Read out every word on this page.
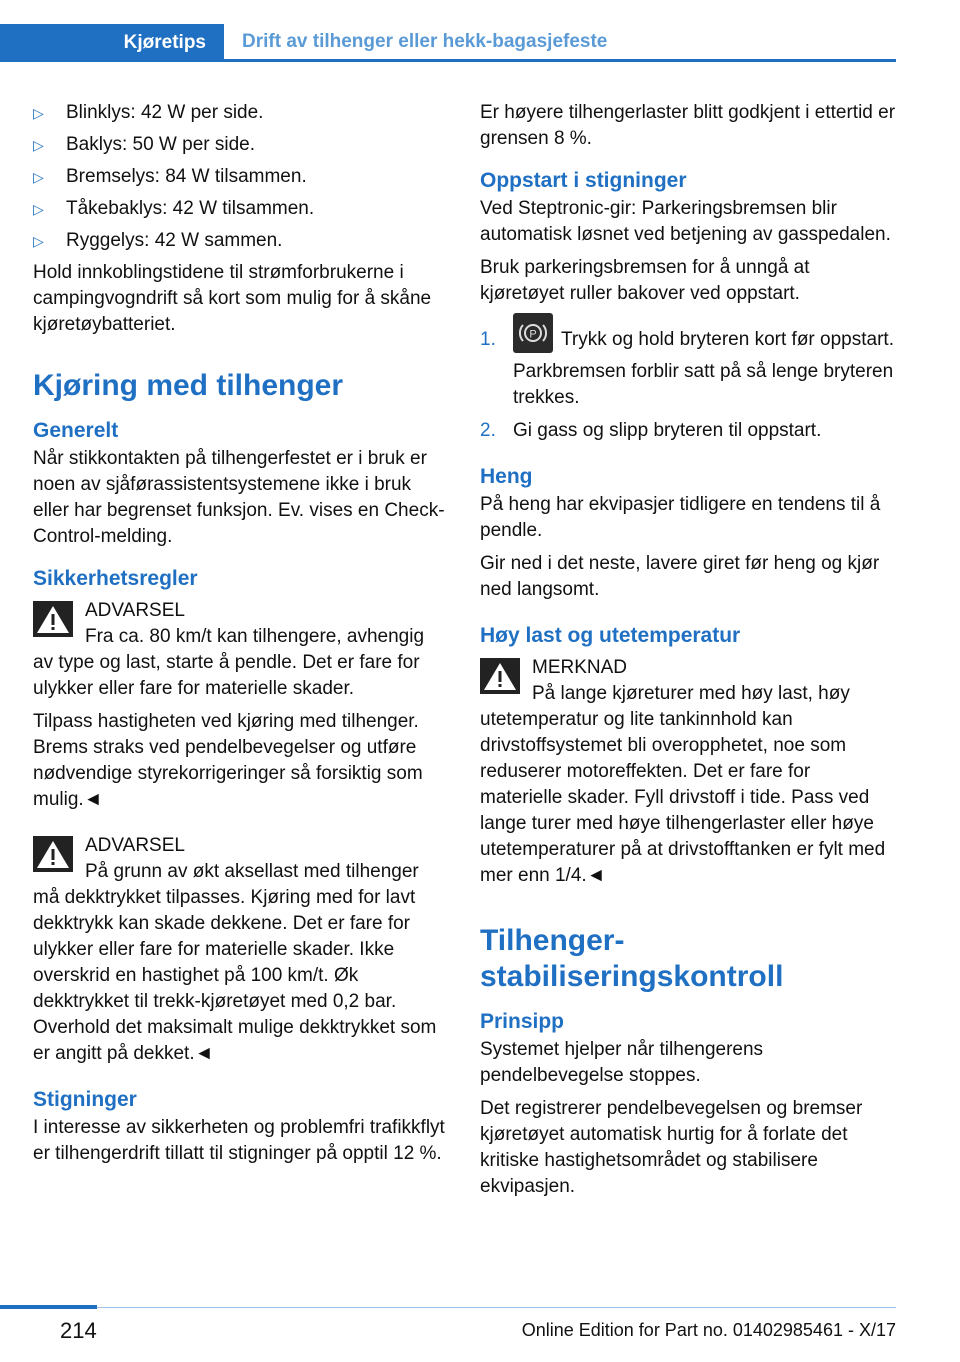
Kjøretips	Drift av tilhenger eller hekk-bagasjefeste
▷ Blinklys: 42 W per side.
▷ Baklys: 50 W per side.
▷ Bremselys: 84 W tilsammen.
▷ Tåkebaklys: 42 W tilsammen.
▷ Ryggelys: 42 W sammen.

Hold innkoblingstidene til strømforbrukerne i campingvogndrift så kort som mulig for å skåne kjøretøybatteriet.

Kjøring med tilhenger
Generelt

Når stikkontakten på tilhengerfestet er i bruk er noen av sjåførassistentsystemene ikke i bruk eller har begrenset funksjon. Ev. vises en Check-Control-melding.

Sikkerhetsregler
ADVARSEL

Fra ca. 80 km/t kan tilhengere, avhengig av type og last, starte å pendle. Det er fare for ulykker eller fare for materielle skader.

Tilpass hastigheten ved kjøring med tilhenger. Brems straks ved pendelbevegelser og utføre nødvendige styrekorrigeringer så forsiktig som mulig.◄

ADVARSEL

På grunn av økt aksellast med tilhenger må dekktrykket tilpasses. Kjøring med for lavt dekktrykk kan skade dekkene. Det er fare for ulykker eller fare for materielle skader. Ikke overskrid en hastighet på 100 km/t. Øk dekktrykket til trekk-kjøretøyet med 0,2 bar. Overhold det maksimalt mulige dekktrykket som er angitt på dekket.◄

Stigninger

I interesse av sikkerheten og problemfri trafikkflyt er tilhengerdrift tillatt til stigninger på opptil 12 %.

Er høyere tilhengerlaster blitt godkjent i ettertid er grensen 8 %.

Oppstart i stigninger

Ved Steptronic-gir: Parkeringsbremsen blir automatisk løsnet ved betjening av gasspedalen.

Bruk parkeringsbremsen for å unngå at kjøretøyet ruller bakover ved oppstart.

1.	P Trykk og hold bryteren kort før oppstart.

Parkbremsen forblir satt på så lenge bryteren trekkes.

2. Gi gass og slipp bryteren til oppstart.
Heng

På heng har ekvipasjer tidligere en tendens til å pendle.

Gir ned i det neste, lavere giret før heng og kjør ned langsomt.

Høy last og utetemperatur
MERKNAD

På lange kjøreturer med høy last, høy utetemperatur og lite tankinnhold kan drivstoffsystemet bli overopphetet, noe som reduserer motoreffekten. Det er fare for materielle skader. Fyll drivstoff i tide. Pass ved lange turer med høye tilhengerlaster eller høye utetemperaturer på at drivstofftanken er fylt med mer enn 1/4.◄

Tilhenger-stabiliseringskontroll
Prinsipp

Systemet hjelper når tilhengerens pendelbevegelse stoppes.

Det registrerer pendelbevegelsen og bremser kjøretøyet automatisk hurtig for å forlate det kritiske hastighetsområdet og stabilisere ekvipasjen.

214	Online Edition for Part no. 01402985461 - X/17
